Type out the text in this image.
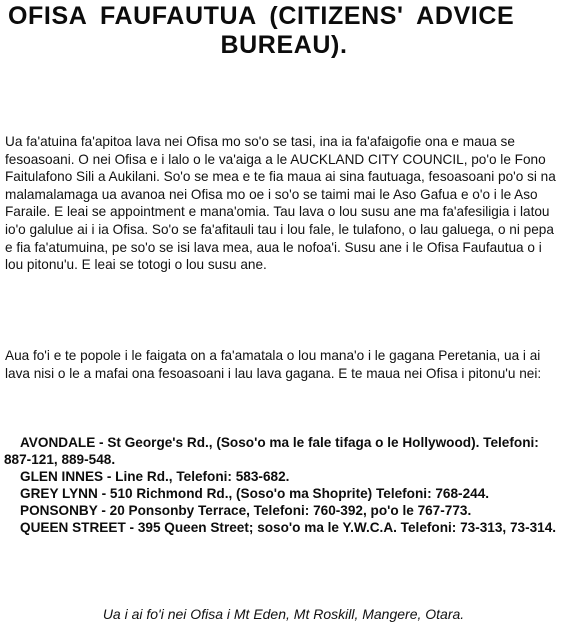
OFISA FAUFAUTUA (CITIZENS' ADVICE
BUREAU).

Ua fa'atuina fa'apitoa lava nei Ofisa mo so'o se tasi, ina ia fa'afaigofie ona e maua se fesoasoani. O nei Ofisa e i lalo o le va'aiga a le AUCKLAND CITY COUNCIL, po'o le Fono Faitulafono Sili a Aukilani. So'o se mea e te fia maua ai sina fautuaga, fesoasoani po'o si na malamalamaga ua avanoa nei Ofisa mo oe i so'o se taimi mai le Aso Gafua e o'o i le Aso Faraile. E leai se appointment e mana'omia. Tau lava o lou susu ane ma fa'afesiligia i latou io'o galulue ai i ia Ofisa. So'o se fa'afitauli tau i lou fale, le tulafono, o lau galuega, o ni pepa e fia fa'atumuina, pe so'o se isi lava mea, aua le nofoa'i. Susu ane i le Ofisa Faufautua o i lou pitonu'u. E leai se totogi o lou susu ane.

Aua fo'i e te popole i le faigata on a fa'amatala o lou mana'o i le gagana Peretania, ua i ai lava nisi o le a mafai ona fesoasoani i lau lava gagana. E te maua nei Ofisa i pitonu'u nei:

AVONDALE - St George's Rd., (Soso'o ma le fale tifaga o le Hollywood). Telefoni: 887-121, 889-548.
GLEN INNES - Line Rd., Telefoni: 583-682.
GREY LYNN - 510 Richmond Rd., (Soso'o ma Shoprite) Telefoni: 768-244.
PONSONBY - 20 Ponsonby Terrace, Telefoni: 760-392, po'o le 767-773.
QUEEN STREET - 395 Queen Street; soso'o ma le Y.W.C.A. Telefoni: 73-313, 73-314.

Ua i ai fo'i nei Ofisa i Mt Eden, Mt Roskill, Mangere, Otara.
